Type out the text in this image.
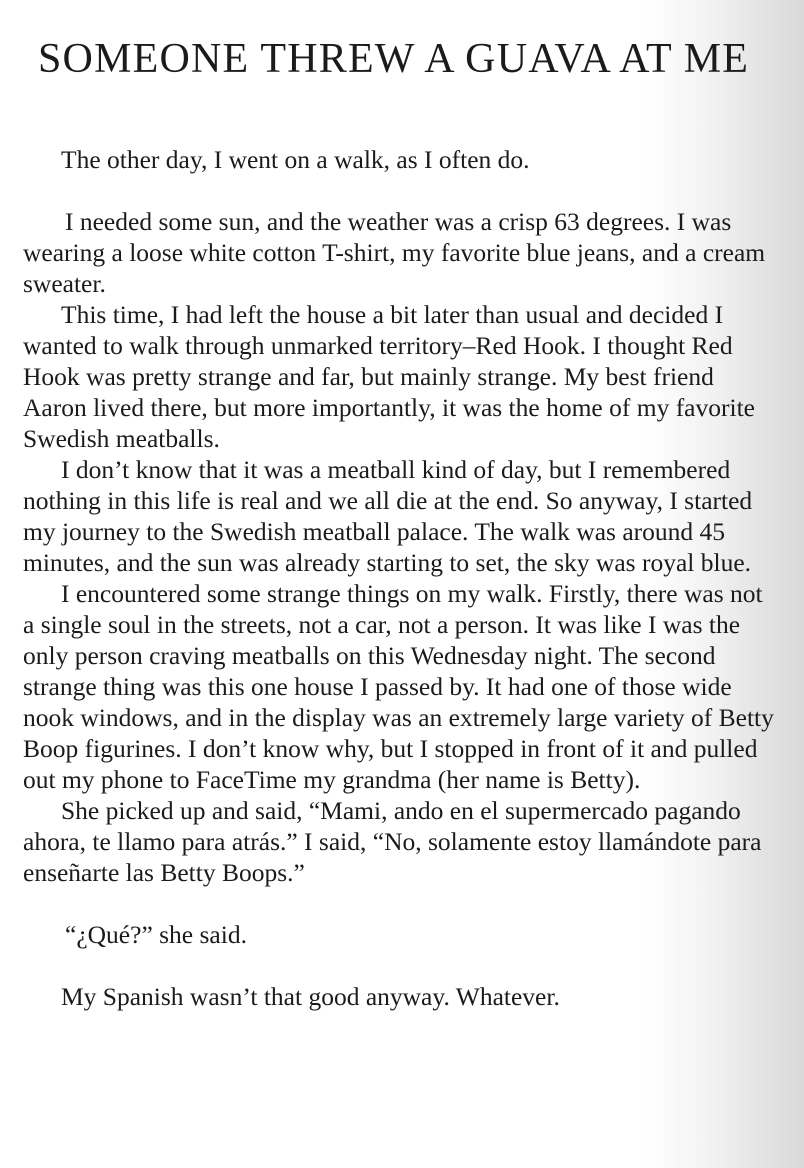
SOMEONE THREW A GUAVA AT ME

The other day, I went on a walk, as I often do.

I needed some sun, and the weather was a crisp 63 degrees. I was wearing a loose white cotton T-shirt, my favorite blue jeans, and a cream sweater.

This time, I had left the house a bit later than usual and decided I wanted to walk through unmarked territory–Red Hook. I thought Red Hook was pretty strange and far, but mainly strange. My best friend Aaron lived there, but more importantly, it was the home of my favorite Swedish meatballs.

I don’t know that it was a meatball kind of day, but I remembered nothing in this life is real and we all die at the end. So anyway, I started my journey to the Swedish meatball palace. The walk was around 45 minutes, and the sun was already starting to set, the sky was royal blue.

I encountered some strange things on my walk. Firstly, there was not a single soul in the streets, not a car, not a person. It was like I was the only person craving meatballs on this Wednesday night. The second strange thing was this one house I passed by. It had one of those wide nook windows, and in the display was an extremely large variety of Betty Boop figurines. I don’t know why, but I stopped in front of it and pulled out my phone to FaceTime my grandma (her name is Betty).

She picked up and said, “Mami, ando en el supermercado pagando ahora, te llamo para atrás.” I said, “No, solamente estoy llamándote para enseñarte las Betty Boops.”

“¿Qué?” she said.

My Spanish wasn’t that good anyway. Whatever.
